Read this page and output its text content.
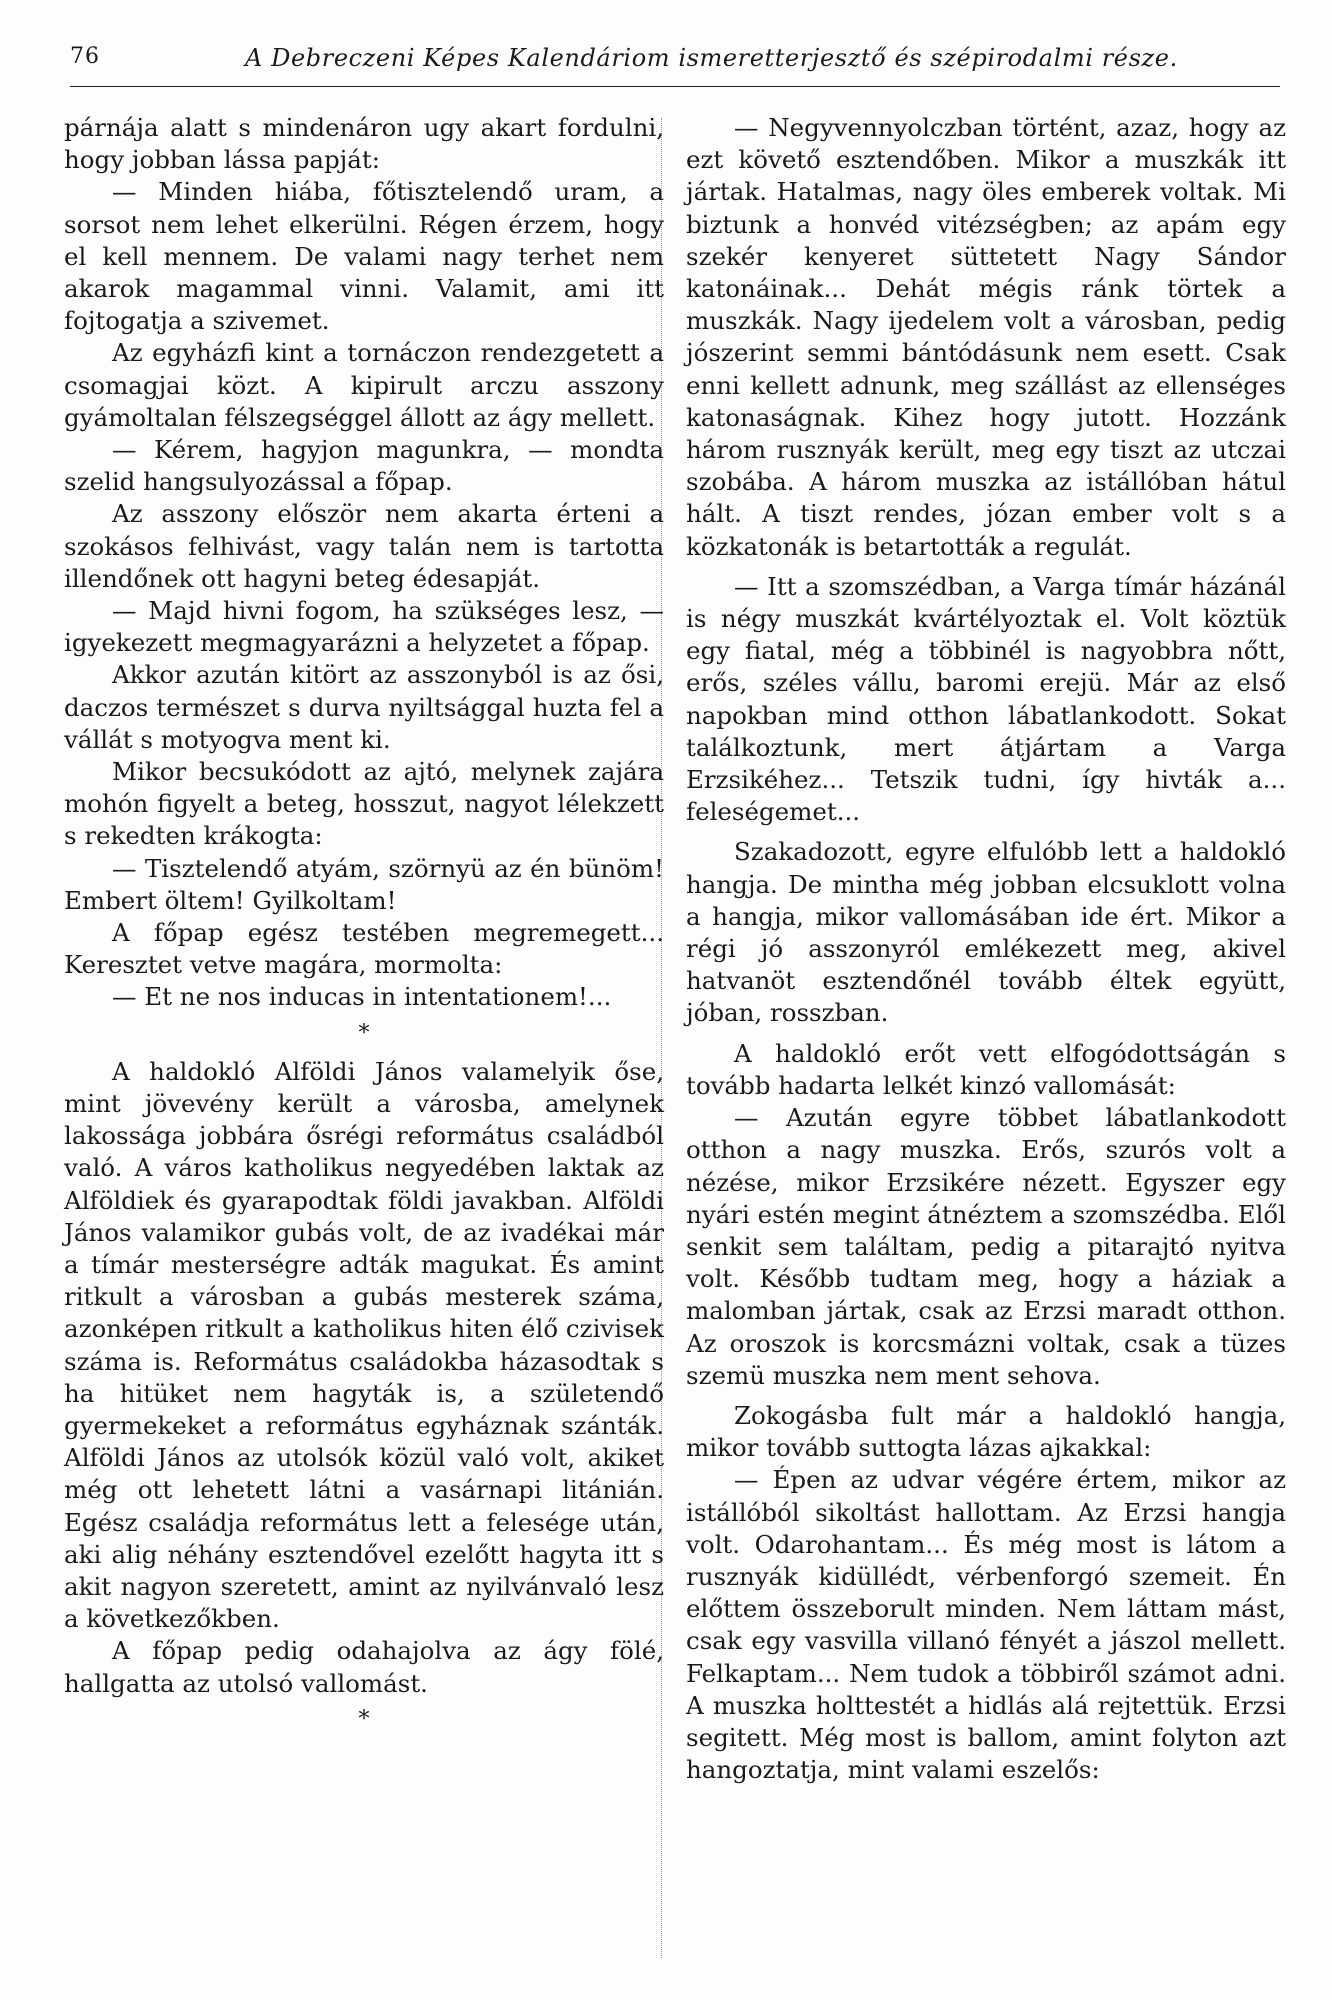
76	A Debreczeni Képes Kalendáriom ismeretterjesztő és szépirodalmi része.

párnája alatt s mindenáron ugy akart fordulni, hogy jobban lássa papját:

— Minden hiába, főtisztelendő uram, a sorsot nem lehet elkerülni. Régen érzem, hogy el kell mennem. De valami nagy terhet nem akarok magammal vinni. Valamit, ami itt fojtogatja a szivemet.

Az egyházfi kint a tornáczon rendezgetett a csomagjai közt. A kipirult arczu asszony gyámoltalan félszegséggel állott az ágy mellett.

— Kérem, hagyjon magunkra, — mondta szelid hangsulyozással a főpap.

Az asszony először nem akarta érteni a szokásos felhivást, vagy talán nem is tartotta illendőnek ott hagyni beteg édesapját.

— Majd hivni fogom, ha szükséges lesz, — igyekezett megmagyarázni a helyzetet a főpap.

Akkor azután kitört az asszonyból is az ősi, daczos természet s durva nyiltsággal huzta fel a vállát s motyogva ment ki.

Mikor becsukódott az ajtó, melynek zajára mohón figyelt a beteg, hosszut, nagyot lélekzett s rekedten krákogta:

— Tisztelendő atyám, szörnyü az én bünöm! Embert öltem! Gyilkoltam!

A főpap egész testében megremegett... Keresztet vetve magára, mormolta:

— Et ne nos inducas in intentationem!...

*

A haldokló Alföldi János valamelyik őse, mint jövevény került a városba, amelynek lakossága jobbára ősrégi református családból való. A város katholikus negyedében laktak az Alföldiek és gyarapodtak földi javakban. Alföldi János valamikor gubás volt, de az ivadékai már a tímár mesterségre adták magukat. És amint ritkult a városban a gubás mesterek száma, azonképen ritkult a katholikus hiten élő czivisek száma is. Református családokba házasodtak s ha hitüket nem hagyták is, a születendő gyermekeket a református egyháznak szánták. Alföldi János az utolsók közül való volt, akiket még ott lehetett látni a vasárnapi litánián. Egész családja református lett a felesége után, aki alig néhány esztendővel ezelőtt hagyta itt s akit nagyon szeretett, amint az nyilvánvaló lesz a következőkben.

A főpap pedig odahajolva az ágy fölé, hallgatta az utolsó vallomást.

*

— Negyvennyolczban történt, azaz, hogy az ezt követő esztendőben. Mikor a muszkák itt jártak. Hatalmas, nagy öles emberek voltak. Mi biztunk a honvéd vitézségben; az apám egy szekér kenyeret süttetett Nagy Sándor katonáinak... Dehát mégis ránk törtek a muszkák. Nagy ijedelem volt a városban, pedig jószerint semmi bántódásunk nem esett. Csak enni kellett adnunk, meg szállást az ellenséges katonaságnak. Kihez hogy jutott. Hozzánk három rusznyák került, meg egy tiszt az utczai szobába. A három muszka az istállóban hátul hált. A tiszt rendes, józan ember volt s a közkatonák is betartották a regulát.

— Itt a szomszédban, a Varga tímár házánál is négy muszkát kvártélyoztak el. Volt köztük egy fiatal, még a többinél is nagyobbra nőtt, erős, széles vállu, baromi erejü. Már az első napokban mind otthon lábatlankodott. Sokat találkoztunk, mert átjártam a Varga Erzsikéhez... Tetszik tudni, így hivták a... feleségemet...

Szakadozott, egyre elfulóbb lett a haldokló hangja. De mintha még jobban elcsuklott volna a hangja, mikor vallomásában ide ért. Mikor a régi jó asszonyról emlékezett meg, akivel hatvanöt esztendőnél tovább éltek együtt, jóban, rosszban.

A haldokló erőt vett elfogódottságán s tovább hadarta lelkét kinzó vallomását:

— Azután egyre többet lábatlankodott otthon a nagy muszka. Erős, szurós volt a nézése, mikor Erzsikére nézett. Egyszer egy nyári estén megint átnéztem a szomszédba. Elől senkit sem találtam, pedig a pitarajtó nyitva volt. Később tudtam meg, hogy a háziak a malomban jártak, csak az Erzsi maradt otthon. Az oroszok is korcsmázni voltak, csak a tüzes szemü muszka nem ment sehova.

Zokogásba fult már a haldokló hangja, mikor tovább suttogta lázas ajkakkal:

— Épen az udvar végére értem, mikor az istállóból sikoltást hallottam. Az Erzsi hangja volt. Odarohantam... És még most is látom a rusznyák kidüllédt, vérbenforgó szemeit. Én előttem összeborult minden. Nem láttam mást, csak egy vasvilla villanó fényét a jászol mellett. Felkaptam... Nem tudok a többiről számot adni. A muszka holttestét a hidlás alá rejtettük. Erzsi segitett. Még most is ballom, amint folyton azt hangoztatja, mint valami eszelős:
